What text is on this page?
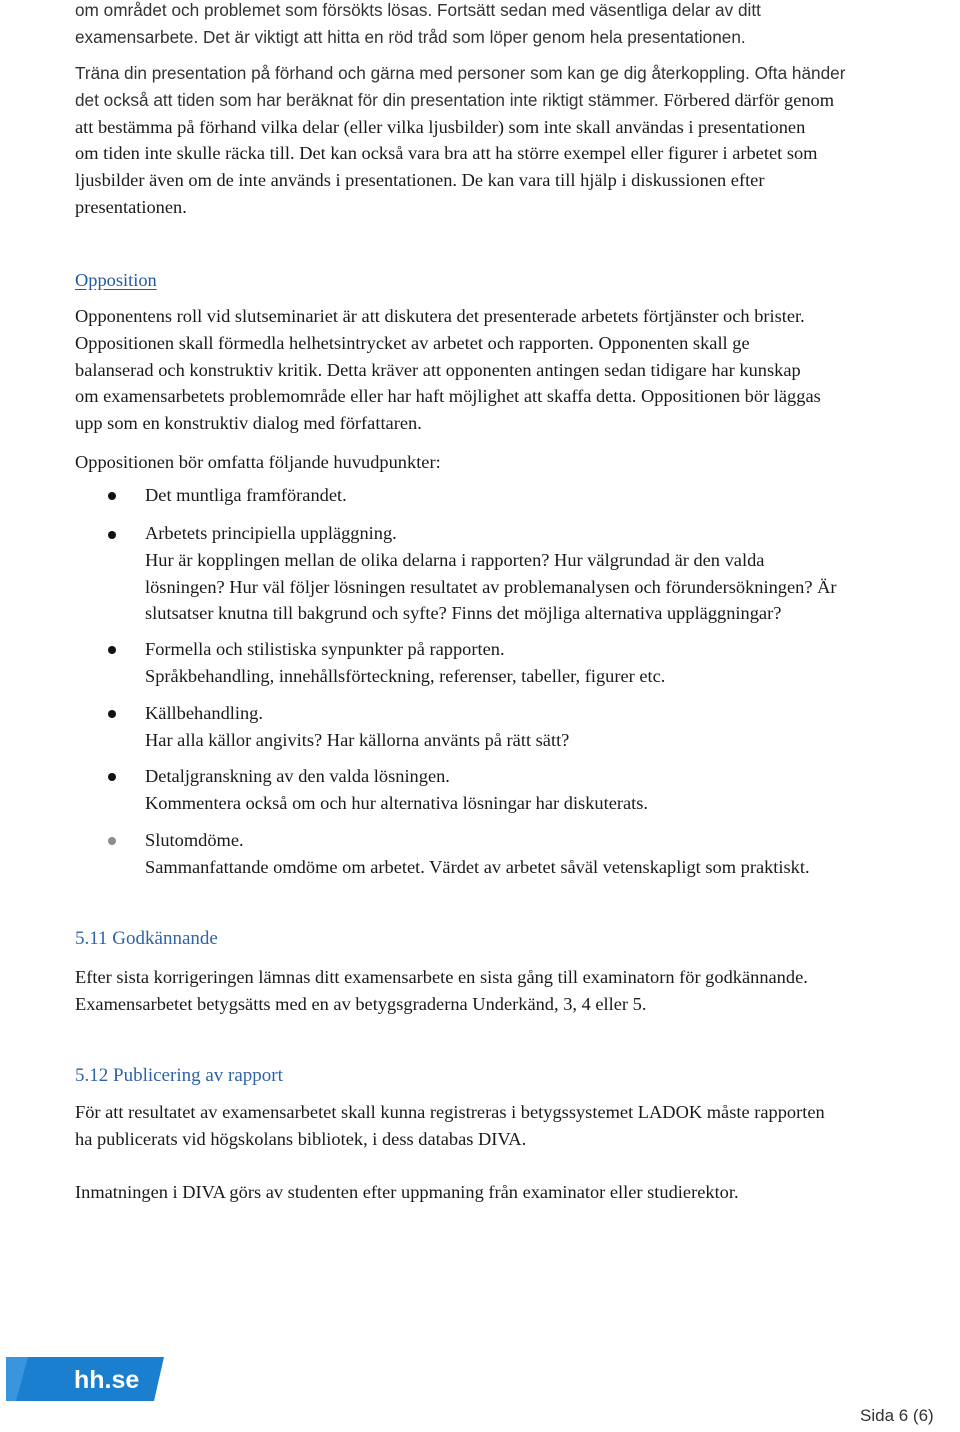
om området och problemet som försökts lösas. Fortsätt sedan med väsentliga delar av ditt
examensarbete. Det är viktigt att hitta en röd tråd som löper genom hela presentationen.
Träna din presentation på förhand och gärna med personer som kan ge dig återkoppling. Ofta händer
det också att tiden som har beräknat för din presentation inte riktigt stämmer. Förbered därför genom
att bestämma på förhand vilka delar (eller vilka ljusbilder) som inte skall användas i presentationen
om tiden inte skulle räcka till. Det kan också vara bra att ha större exempel eller figurer i arbetet som
ljusbilder även om de inte används i presentationen. De kan vara till hjälp i diskussionen efter
presentationen.
Opposition
Opponentens roll vid slutseminariet är att diskutera det presenterade arbetets förtjänster och brister.
Oppositionen skall förmedla helhetsintrycket av arbetet och rapporten. Opponenten skall ge
balanserad och konstruktiv kritik. Detta kräver att opponenten antingen sedan tidigare har kunskap
om examensarbetets problemområde eller har haft möjlighet att skaffa detta. Oppositionen bör läggas
upp som en konstruktiv dialog med författaren.
Oppositionen bör omfatta följande huvudpunkter:
Det muntliga framförandet.
Arbetets principiella uppläggning.
Hur är kopplingen mellan de olika delarna i rapporten? Hur välgrundad är den valda
lösningen? Hur väl följer lösningen resultatet av problemanalysen och förundersökningen? Är
slutsatser knutna till bakgrund och syfte? Finns det möjliga alternativa uppläggningar?
Formella och stilistiska synpunkter på rapporten.
Språkbehandling, innehållsförteckning, referenser, tabeller, figurer etc.
Källbehandling.
Har alla källor angivits? Har källorna använts på rätt sätt?
Detaljgranskning av den valda lösningen.
Kommentera också om och hur alternativa lösningar har diskuterats.
Slutomdöme.
Sammanfattande omdöme om arbetet. Värdet av arbetet såväl vetenskapligt som praktiskt.
5.11 Godkännande
Efter sista korrigeringen lämnas ditt examensarbete en sista gång till examinatorn för godkännande.
Examensarbetet betygsätts med en av betygsgraderna Underkänd, 3, 4 eller 5.
5.12 Publicering av rapport
För att resultatet av examensarbetet skall kunna registreras i betygssystemet LADOK måste rapporten
ha publicerats vid högskolans bibliotek, i dess databas DIVA.
Inmatningen i DIVA görs av studenten efter uppmaning från examinator eller studierektor.
hh.se
Sida 6 (6)
